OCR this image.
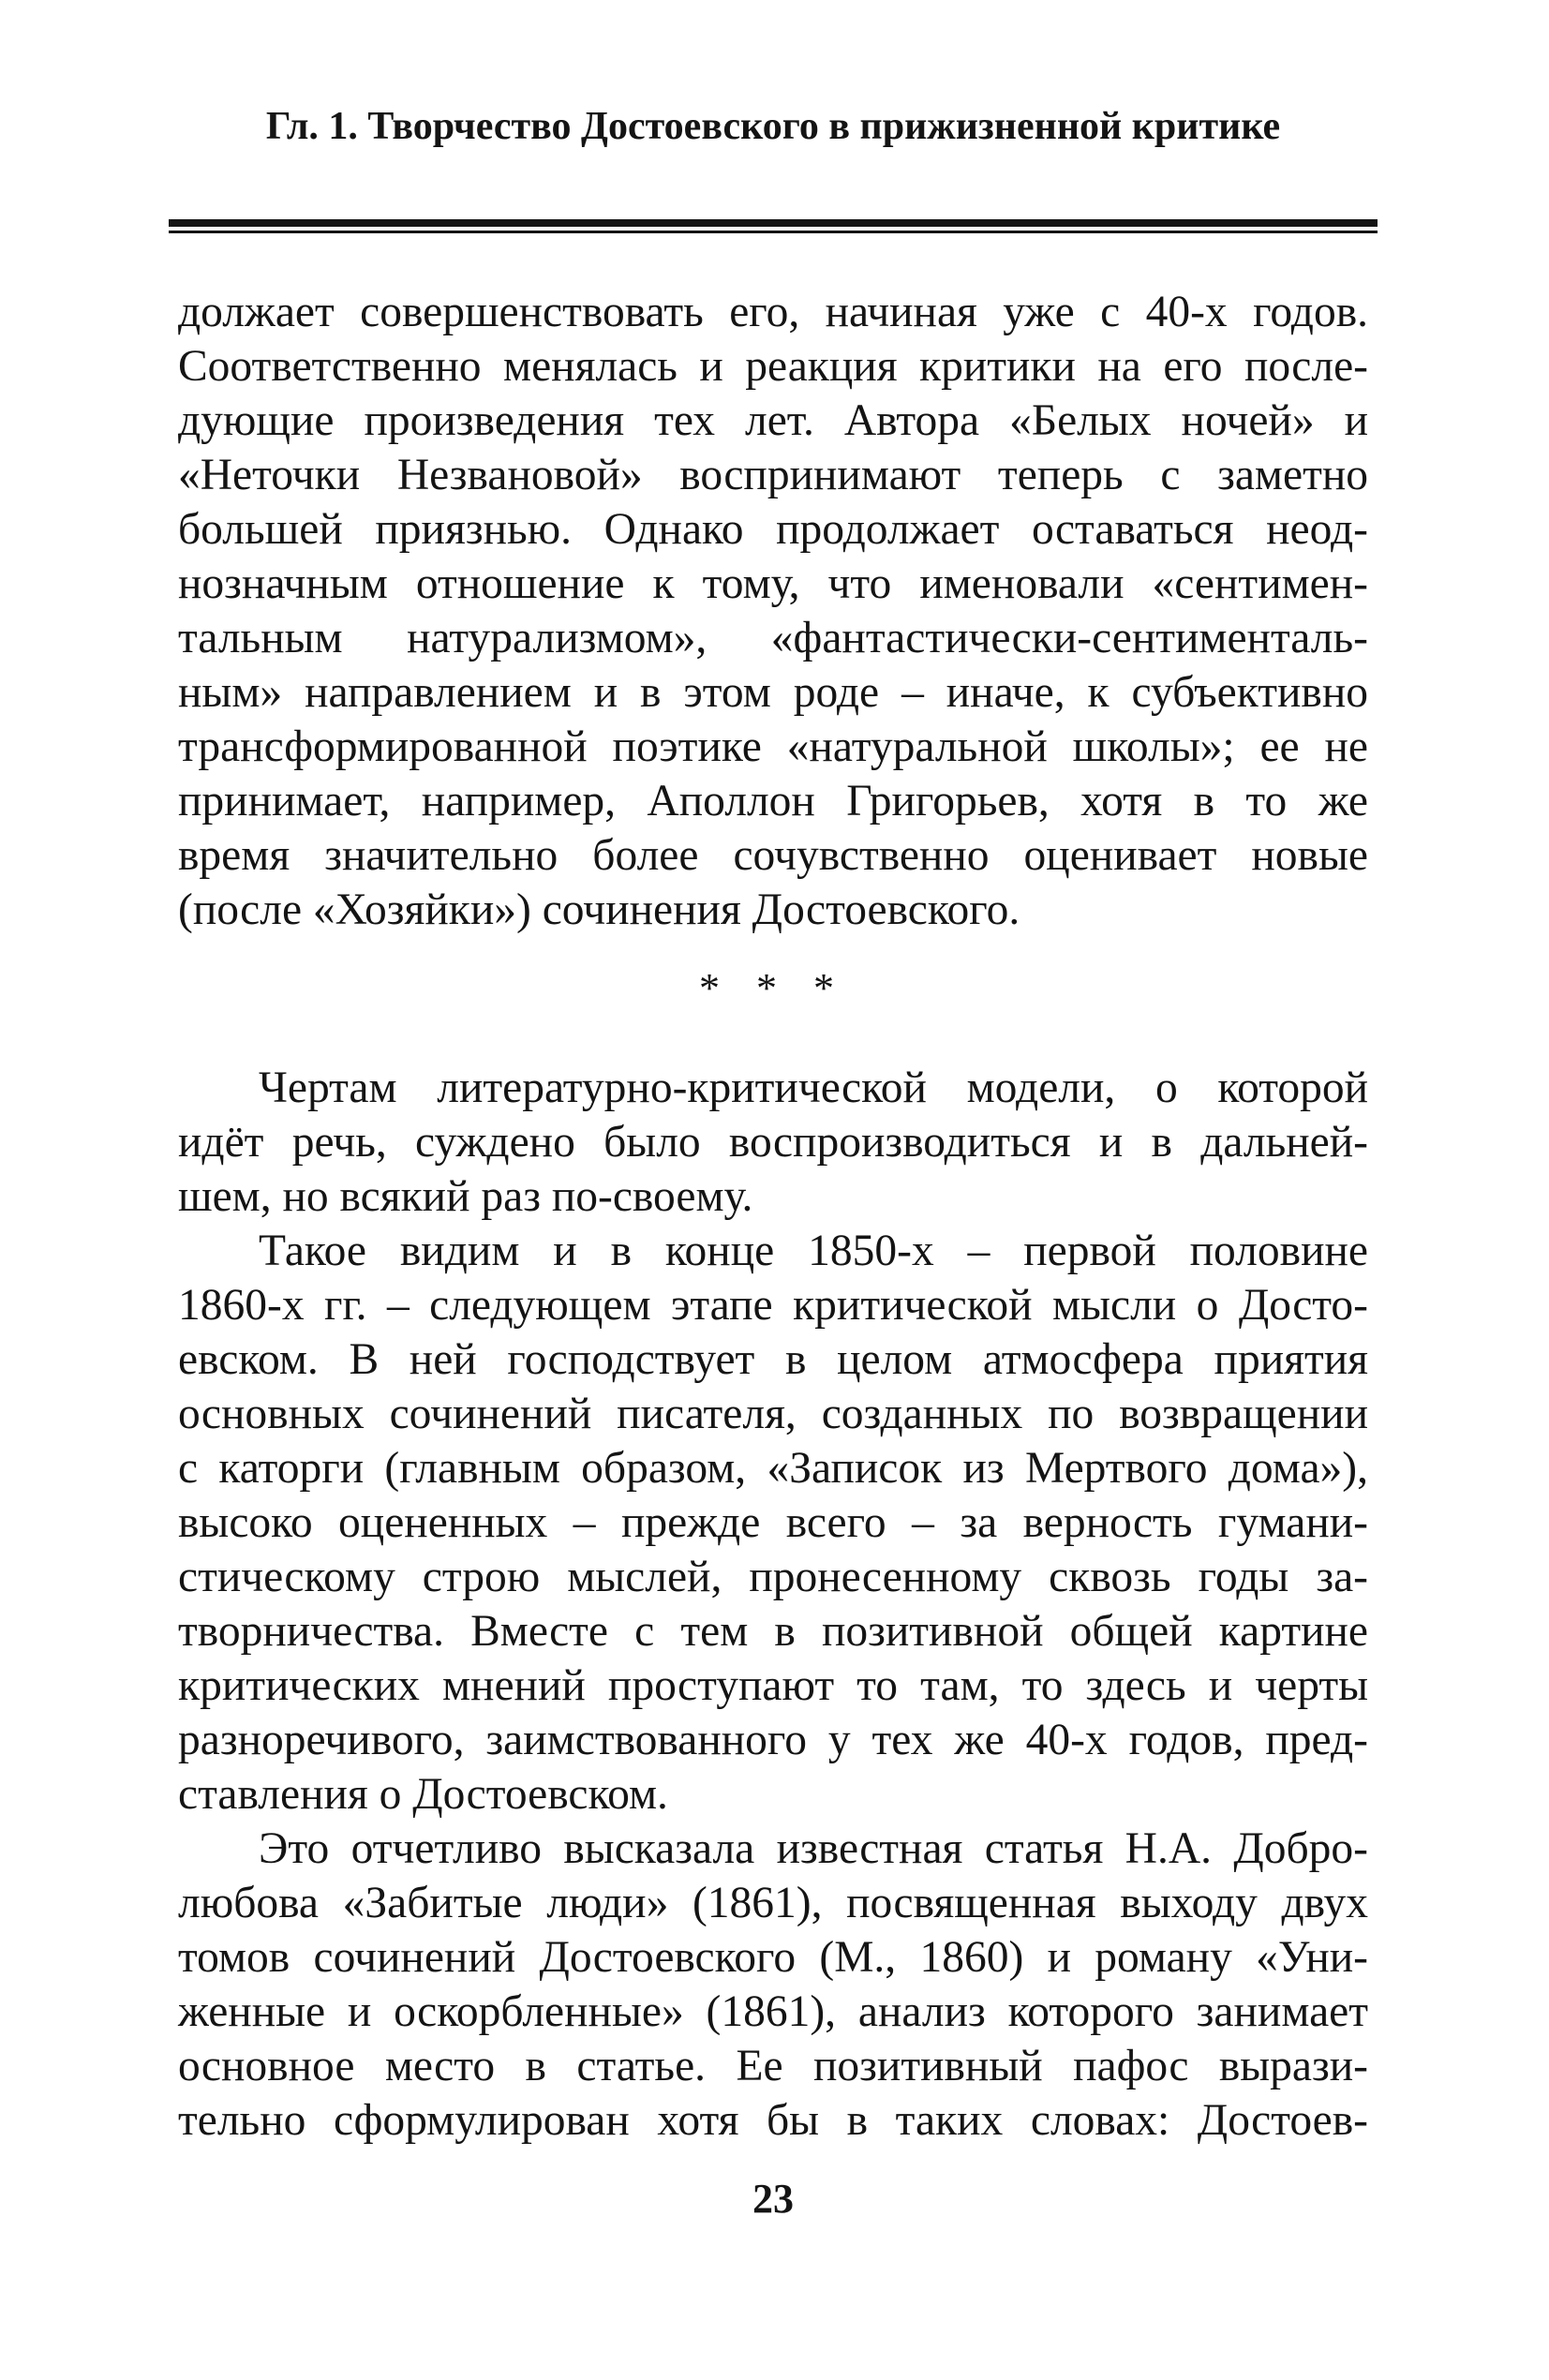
Гл. 1. Творчество Достоевского в прижизненной критике
должает совершенствовать его, начиная уже с 40-х годов.
Соответственно менялась и реакция критики на его после-
дующие произведения тех лет. Автора «Белых ночей» и
«Неточки Незвановой» воспринимают теперь с заметно
большей приязнью. Однако продолжает оставаться неод-
нозначным отношение к тому, что именовали «сентимен-
тальным натурализмом», «фантастически-сентименталь-
ным» направлением и в этом роде – иначе, к субъективно
трансформированной поэтике «натуральной школы»; ее не
принимает, например, Аполлон Григорьев, хотя в то же
время значительно более сочувственно оценивает новые
(после «Хозяйки») сочинения Достоевского.
* * *
Чертам литературно-критической модели, о которой
идёт речь, суждено было воспроизводиться и в дальней-
шем, но всякий раз по-своему.
Такое видим и в конце 1850-х – первой половине
1860-х гг. – следующем этапе критической мысли о Досто-
евском. В ней господствует в целом атмосфера приятия
основных сочинений писателя, созданных по возвращении
с каторги (главным образом, «Записок из Мертвого дома»),
высоко оцененных – прежде всего – за верность гумани-
стическому строю мыслей, пронесенному сквозь годы за-
творничества. Вместе с тем в позитивной общей картине
критических мнений проступают то там, то здесь и черты
разноречивого, заимствованного у тех же 40-х годов, пред-
ставления о Достоевском.
Это отчетливо высказала известная статья Н.А. Добро-
любова «Забитые люди» (1861), посвященная выходу двух
томов сочинений Достоевского (М., 1860) и роману «Уни-
женные и оскорбленные» (1861), анализ которого занимает
основное место в статье. Ее позитивный пафос вырази-
тельно сформулирован хотя бы в таких словах: Достоев-
23
